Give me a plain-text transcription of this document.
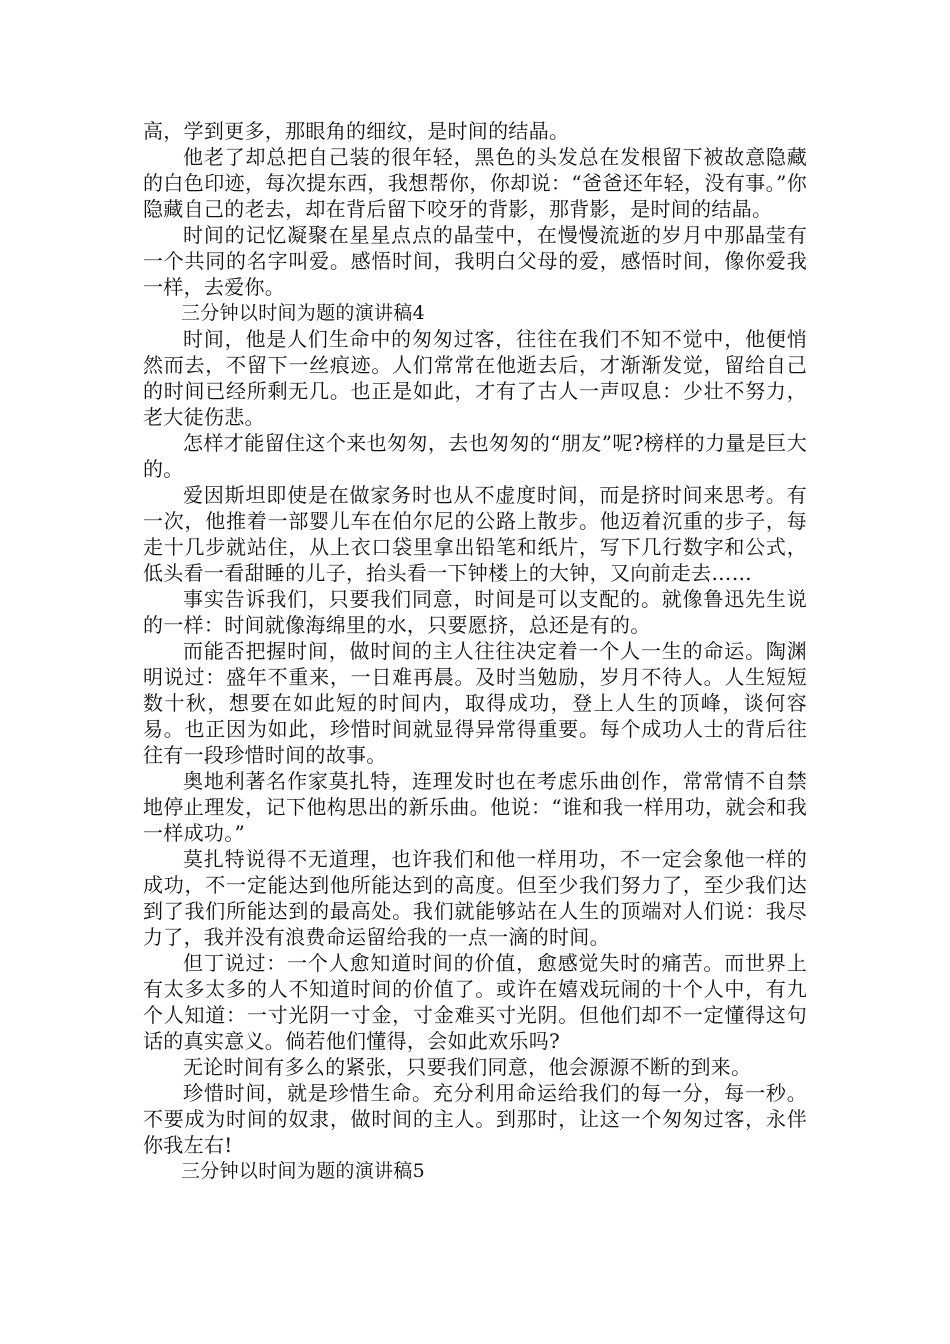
高，学到更多，那眼角的细纹，是时间的结晶。

他老了却总把自己装的很年轻，黑色的头发总在发根留下被故意隐藏的白色印迹，每次提东西，我想帮你，你却说：“爸爸还年轻，没有事。”你隐藏自己的老去，却在背后留下咬牙的背影，那背影，是时间的结晶。

时间的记忆凝聚在星星点点的晶莹中，在慢慢流逝的岁月中那晶莹有一个共同的名字叫爱。感悟时间，我明白父母的爱，感悟时间，像你爱我一样，去爱你。

三分钟以时间为题的演讲稿4

时间，他是人们生命中的匆匆过客，往往在我们不知不觉中，他便悄然而去，不留下一丝痕迹。人们常常在他逝去后，才渐渐发觉，留给自己的时间已经所剩无几。也正是如此，才有了古人一声叹息：少壮不努力，老大徒伤悲。

怎样才能留住这个来也匆匆，去也匆匆的“朋友”呢?榜样的力量是巨大的。

爱因斯坦即使是在做家务时也从不虚度时间，而是挤时间来思考。有一次，他推着一部婴儿车在伯尔尼的公路上散步。他迈着沉重的步子，每走十几步就站住，从上衣口袋里拿出铅笔和纸片，写下几行数字和公式，低头看一看甜睡的儿子，抬头看一下钟楼上的大钟，又向前走去……

事实告诉我们，只要我们同意，时间是可以支配的。就像鲁迅先生说的一样：时间就像海绵里的水，只要愿挤，总还是有的。

而能否把握时间，做时间的主人往往决定着一个人一生的命运。陶渊明说过：盛年不重来，一日难再晨。及时当勉励，岁月不待人。人生短短数十秋，想要在如此短的时间内，取得成功，登上人生的顶峰，谈何容易。也正因为如此，珍惜时间就显得异常得重要。每个成功人士的背后往往有一段珍惜时间的故事。

奥地利著名作家莫扎特，连理发时也在考虑乐曲创作，常常情不自禁地停止理发，记下他构思出的新乐曲。他说：“谁和我一样用功，就会和我一样成功。”

莫扎特说得不无道理，也许我们和他一样用功，不一定会象他一样的成功，不一定能达到他所能达到的高度。但至少我们努力了，至少我们达到了我们所能达到的最高处。我们就能够站在人生的顶端对人们说：我尽力了，我并没有浪费命运留给我的一点一滴的时间。

但丁说过：一个人愈知道时间的价值，愈感觉失时的痛苦。而世界上有太多太多的人不知道时间的价值了。或许在嬉戏玩闹的十个人中，有九个人知道：一寸光阴一寸金，寸金难买寸光阴。但他们却不一定懂得这句话的真实意义。倘若他们懂得，会如此欢乐吗?

无论时间有多么的紧张，只要我们同意，他会源源不断的到来。

珍惜时间，就是珍惜生命。充分利用命运给我们的每一分，每一秒。不要成为时间的奴隶，做时间的主人。到那时，让这一个匆匆过客，永伴你我左右!

三分钟以时间为题的演讲稿5
